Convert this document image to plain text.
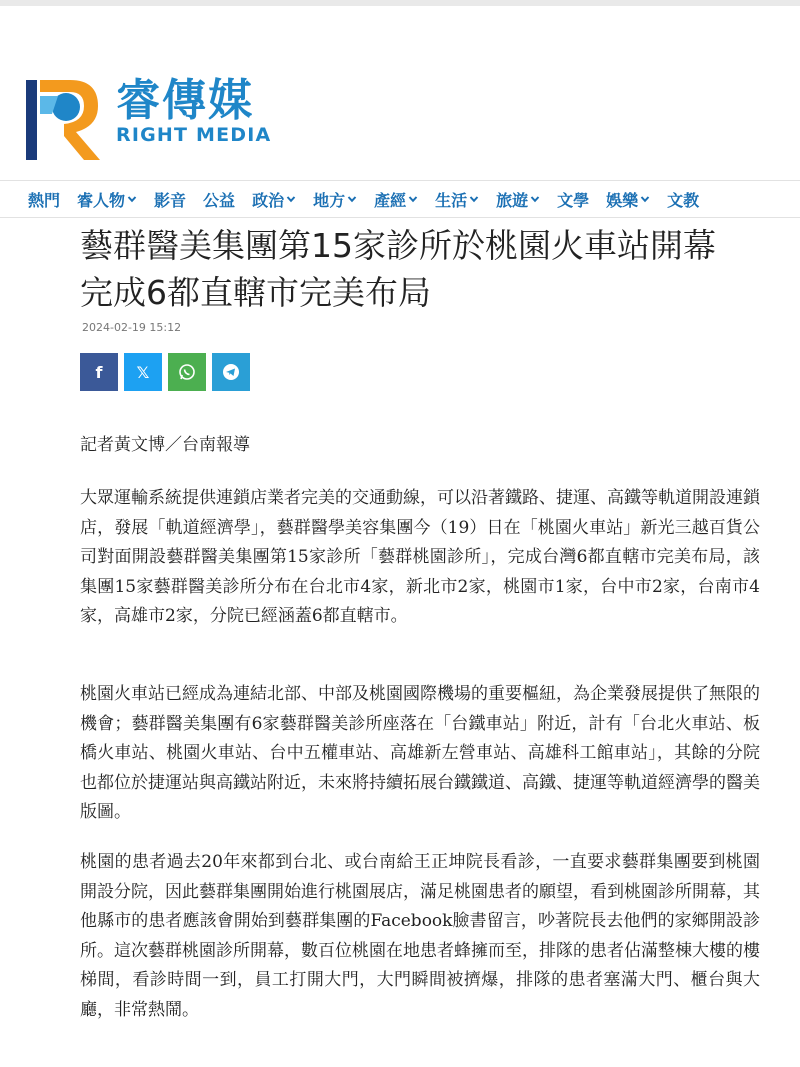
睿傳媒
RIGHT MEDIA
熱門 睿人物 影音 公益 政治 地方 產經 生活 旅遊 文學 娛樂 文教
藝群醫美集團第15家診所於桃園火車站開幕 完成6都直轄市完美布局
2024-02-19 15:12
f 𝕏
記者黃文博／台南報導

大眾運輸系統提供連鎖店業者完美的交通動線，可以沿著鐵路、捷運、高鐵等軌道開設連鎖店，發展「軌道經濟學」，藝群醫學美容集團今（19）日在「桃園火車站」新光三越百貨公司對面開設藝群醫美集團第15家診所「藝群桃園診所」，完成台灣6都直轄市完美布局，該集團15家藝群醫美診所分布在台北市4家，新北市2家，桃園市1家，台中市2家，台南市4家，高雄市2家，分院已經涵蓋6都直轄市。

桃園火車站已經成為連結北部、中部及桃園國際機場的重要樞紐，為企業發展提供了無限的機會；藝群醫美集團有6家藝群醫美診所座落在「台鐵車站」附近，計有「台北火車站、板橋火車站、桃園火車站、台中五權車站、高雄新左營車站、高雄科工館車站」，其餘的分院也都位於捷運站與高鐵站附近，未來將持續拓展台鐵鐵道、高鐵、捷運等軌道經濟學的醫美版圖。

桃園的患者過去20年來都到台北、或台南給王正坤院長看診，一直要求藝群集團要到桃園開設分院，因此藝群集團開始進行桃園展店，滿足桃園患者的願望，看到桃園診所開幕，其他縣市的患者應該會開始到藝群集團的Facebook臉書留言，吵著院長去他們的家鄉開設診所。這次藝群桃園診所開幕，數百位桃園在地患者蜂擁而至，排隊的患者佔滿整棟大樓的樓梯間，看診時間一到，員工打開大門，大門瞬間被擠爆，排隊的患者塞滿大門、櫃台與大廳，非常熱鬧。
